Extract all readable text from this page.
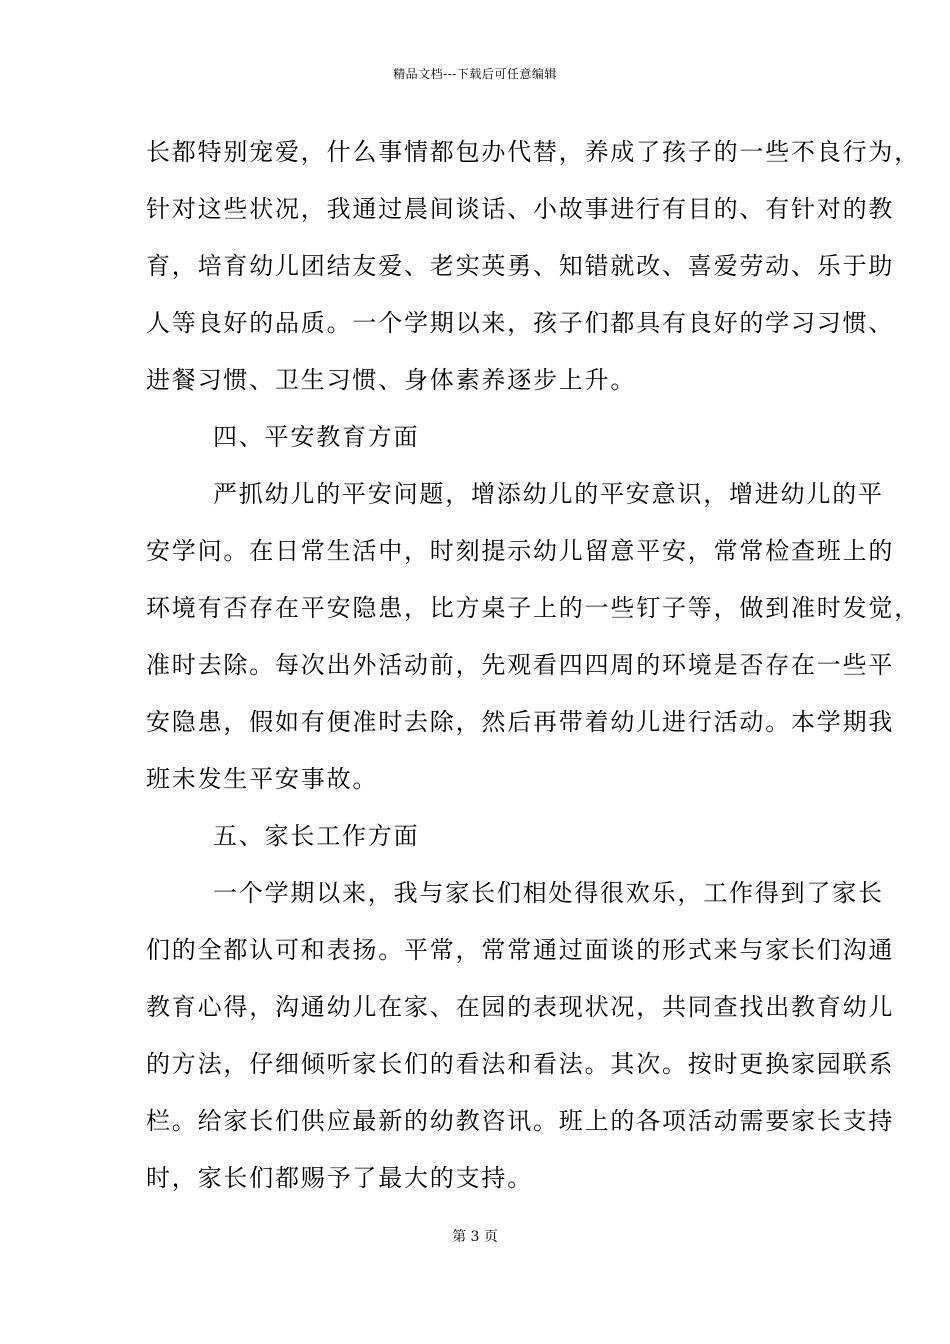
精品文档---下载后可任意编辑
长都特别宠爱，什么事情都包办代替，养成了孩子的一些不良行为，
针对这些状况，我通过晨间谈话、小故事进行有目的、有针对的教
育，培育幼儿团结友爱、老实英勇、知错就改、喜爱劳动、乐于助
人等良好的品质。一个学期以来，孩子们都具有良好的学习习惯、
进餐习惯、卫生习惯、身体素养逐步上升。
四、平安教育方面
严抓幼儿的平安问题，增添幼儿的平安意识，增进幼儿的平
安学问。在日常生活中，时刻提示幼儿留意平安，常常检查班上的
环境有否存在平安隐患，比方桌子上的一些钉子等，做到准时发觉，
准时去除。每次出外活动前，先观看四四周的环境是否存在一些平
安隐患，假如有便准时去除，然后再带着幼儿进行活动。本学期我
班未发生平安事故。
五、家长工作方面
一个学期以来，我与家长们相处得很欢乐，工作得到了家长
们的全都认可和表扬。平常，常常通过面谈的形式来与家长们沟通
教育心得，沟通幼儿在家、在园的表现状况，共同查找出教育幼儿
的方法，仔细倾听家长们的看法和看法。其次。按时更换家园联系
栏。给家长们供应最新的幼教咨讯。班上的各项活动需要家长支持
时，家长们都赐予了最大的支持。
第 3 页
